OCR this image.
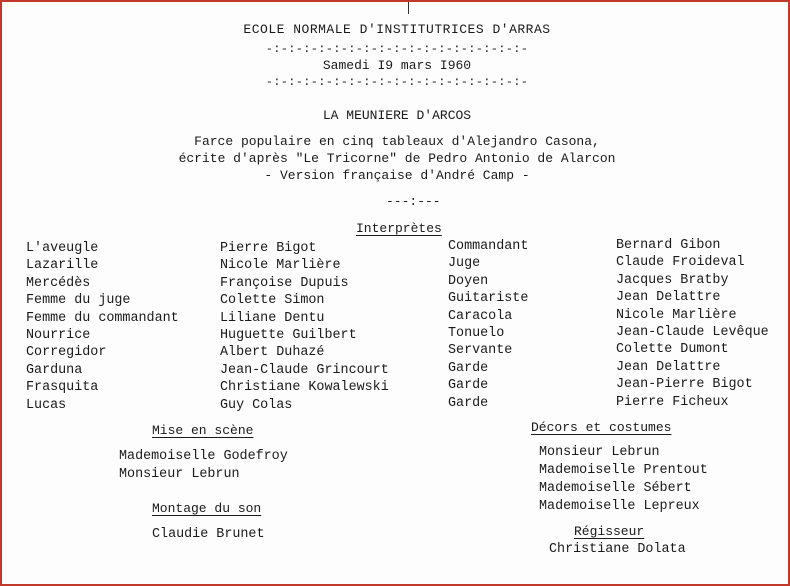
ECOLE NORMALE D'INSTITUTRICES D'ARRAS
-:-:-:-:-:-:-:-:-:-:-:-:-:-:-:-:-:-
Samedi I9 mars I960
-:-:-:-:-:-:-:-:-:-:-:-:-:-:-:-:-:-
LA MEUNIERE D'ARCOS
Farce populaire en cinq tableaux d'Alejandro Casona,
écrite d'après "Le Tricorne" de Pedro Antonio de Alarcon
- Version française d'André Camp -
---:---
Interprètes
L'aveugle
Lazarille
Mercédès
Femme du juge
Femme du commandant
Nourrice
Corregidor
Garduna
Frasquita
Lucas
Pierre Bigot
Nicole Marlière
Françoise Dupuis
Colette Simon
Liliane Dentu
Huguette Guilbert
Albert Duhazé
Jean-Claude Grincourt
Christiane Kowalewski
Guy Colas
Commandant
Juge
Doyen
Guitariste
Caracola
Tonuelo
Servante
Garde
Garde
Garde
Bernard Gibon
Claude Froideval
Jacques Bratby
Jean Delattre
Nicole Marlière
Jean-Claude Levêque
Colette Dumont
Jean Delattre
Jean-Pierre Bigot
Pierre Ficheux
Mise en scène
Mademoiselle Godefroy
Monsieur Lebrun
Montage du son
Claudie Brunet
Décors et costumes
Monsieur Lebrun
Mademoiselle Prentout
Mademoiselle Sébert
Mademoiselle Lepreux
Régisseur
Christiane Dolata
